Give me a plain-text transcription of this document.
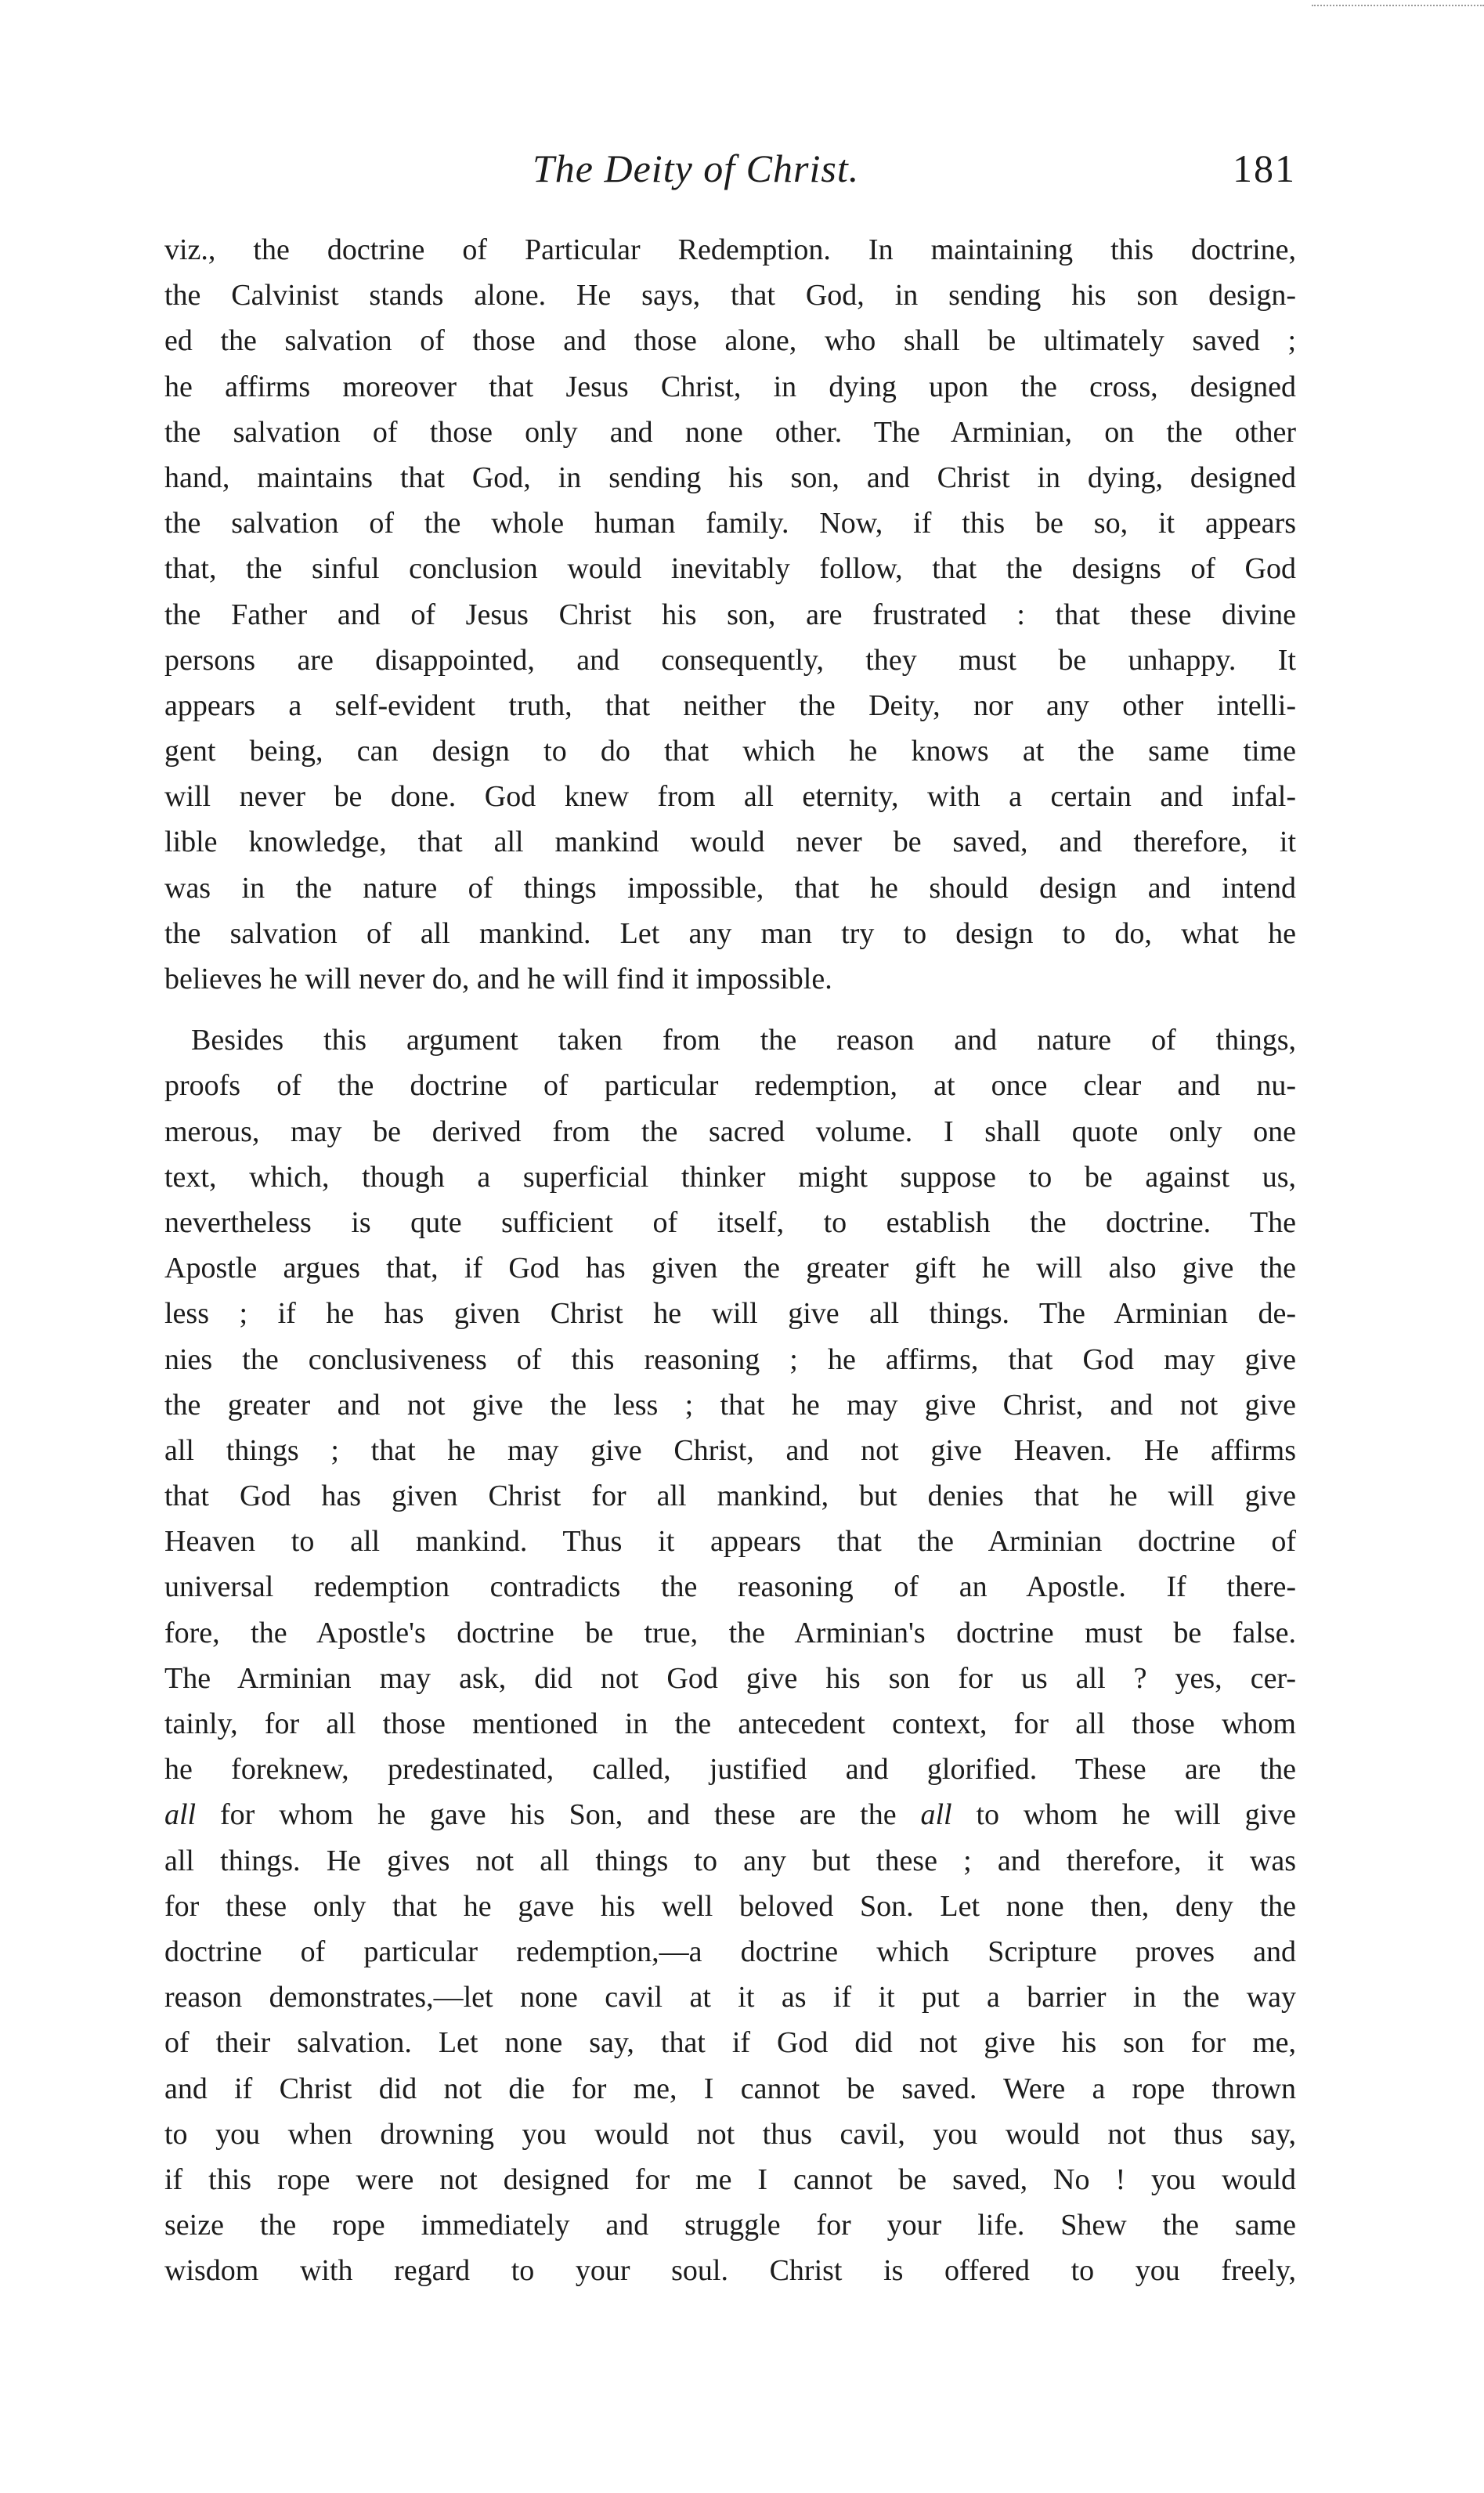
The Deity of Christ.	181
viz., the doctrine of Particular Redemption. In maintaining this doctrine,
the Calvinist stands alone. He says, that God, in sending his son design-
ed the salvation of those and those alone, who shall be ultimately saved ;
he affirms moreover that Jesus Christ, in dying upon the cross, designed
the salvation of those only and none other. The Arminian, on the other
hand, maintains that God, in sending his son, and Christ in dying, designed
the salvation of the whole human family. Now, if this be so, it appears
that, the sinful conclusion would inevitably follow, that the designs of God
the Father and of Jesus Christ his son, are frustrated : that these divine
persons are disappointed, and consequently, they must be unhappy. It
appears a self-evident truth, that neither the Deity, nor any other intelli-
gent being, can design to do that which he knows at the same time
will never be done. God knew from all eternity, with a certain and infal-
lible knowledge, that all mankind would never be saved, and therefore, it
was in the nature of things impossible, that he should design and intend
the salvation of all mankind. Let any man try to design to do, what he
believes he will never do, and he will find it impossible.
Besides this argument taken from the reason and nature of things,
proofs of the doctrine of particular redemption, at once clear and nu-
merous, may be derived from the sacred volume. I shall quote only one
text, which, though a superficial thinker might suppose to be against us,
nevertheless is qute sufficient of itself, to establish the doctrine. The
Apostle argues that, if God has given the greater gift he will also give the
less ; if he has given Christ he will give all things. The Arminian de-
nies the conclusiveness of this reasoning ; he affirms, that God may give
the greater and not give the less ; that he may give Christ, and not give
all things ; that he may give Christ, and not give Heaven. He affirms
that God has given Christ for all mankind, but denies that he will give
Heaven to all mankind. Thus it appears that the Arminian doctrine of
universal redemption contradicts the reasoning of an Apostle. If there-
fore, the Apostle's doctrine be true, the Arminian's doctrine must be false.
The Arminian may ask, did not God give his son for us all ? yes, cer-
tainly, for all those mentioned in the antecedent context, for all those whom
he foreknew, predestinated, called, justified and glorified. These are the
all for whom he gave his Son, and these are the all to whom he will give
all things. He gives not all things to any but these ; and therefore, it was
for these only that he gave his well beloved Son. Let none then, deny the
doctrine of particular redemption,—a doctrine which Scripture proves and
reason demonstrates,—let none cavil at it as if it put a barrier in the way
of their salvation. Let none say, that if God did not give his son for me,
and if Christ did not die for me, I cannot be saved. Were a rope thrown
to you when drowning you would not thus cavil, you would not thus say,
if this rope were not designed for me I cannot be saved, No ! you would
seize the rope immediately and struggle for your life. Shew the same
wisdom with regard to your soul. Christ is offered to you freely,
